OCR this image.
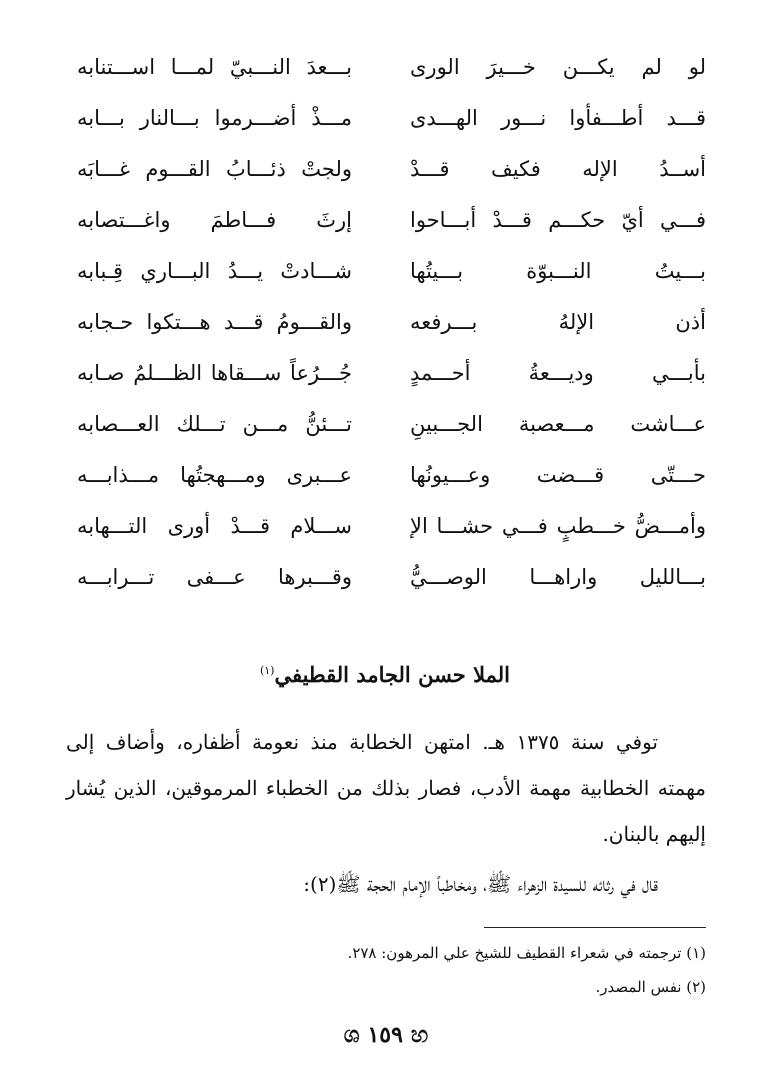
لو لم يكـــن خـــيرَ الورى
بـــعدَ النـــبيّ لمـــا اســـتنابه
قـــد أطـــفأوا نـــور الهـــدى
مـــذْ أضـــرموا بـــالنار بـــابه
أســدُ الإله فكيف قـــدْ
ولجتْ ذئـــابُ القـــوم غـــابَه
فـــي أيّ حكـــم قـــدْ أبـــاحوا
إرثَ فـــاطمَ واغـــتصابه
بـــيتُ النـــبوّة بـــيتُها
شـــادتْ يـــدُ البـــاري قِـبابه
أذن الإلهُ بـــرفعه
والقـــومُ قـــد هـــتكوا حـجابه
بأبـــي وديـــعةُ أحـــمدٍ
جُـــرُعاً ســـقاها الظـــلمُ صـابه
عـــاشت مـــعصبة الجـــبينِ
تـــئنُّ مـــن تـــلك العـــصابه
حـــتّى قـــضت وعـــيونُها
عـــبرى ومـــهجتُها مـــذابـــه
وأمـــضُّ خـــطبٍ فـــي حشـــا الإ
ســـلام قـــدْ أورى التـــهابه
بـــالليل واراهـــا الوصـــيُّ
وقـــبرها عـــفى تـــرابـــه
الملا حسن الجامد القطيفي$^{(١)}$

توفي سنة ١٣٧٥ هـ. امتهن الخطابة منذ نعومة أظفاره، وأضاف إلى مهمته الخطابية مهمة الأدب، فصار بذلك من الخطباء المرموقين، الذين يُشار إليهم بالبنان.

قال في رثائه للسيدة الزهراء ﷺ، ومخاطباً الإمام الحجة ﷺ(٢):

(١) ترجمته في شعراء القطيف للشيخ علي المرهون: ٢٧٨.
(٢) نفس المصدر.
ශ ١٥٩ හ
